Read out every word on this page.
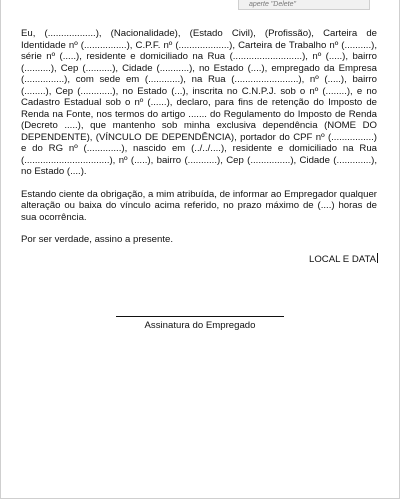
aperte "Delete"

Eu, (..................), (Nacionalidade), (Estado Civil), (Profissão), Carteira de Identidade nº (................), C.P.F. nº (...................), Carteira de Trabalho nº (..........), série nº (.....), residente e domiciliado na Rua (..........................), nº (.....), bairro (..........), Cep (..........), Cidade (...........), no Estado (....), empregado da Empresa (...............), com sede em (............), na Rua (........................), nº (.....), bairro (........), Cep (............), no Estado (...), inscrita no C.N.P.J. sob o nº (........), e no Cadastro Estadual sob o nº (......), declaro, para fins de retenção do Imposto de Renda na Fonte, nos termos do artigo ....... do Regulamento do Imposto de Renda (Decreto .....), que mantenho sob minha exclusiva dependência (NOME DO DEPENDENTE), (VÍNCULO DE DEPENDÊNCIA), portador do CPF nº (................) e do RG nº (.............), nascido em (../../....), residente e domiciliado na Rua (................................), nº (.....), bairro (...........), Cep (...............), Cidade (.............), no Estado (....).

Estando ciente da obrigação, a mim atribuída, de informar ao Empregador qualquer alteração ou baixa do vínculo acima referido, no prazo máximo de (....) horas de sua ocorrência.

Por ser verdade, assino a presente.

LOCAL E DATA
Assinatura do Empregado
